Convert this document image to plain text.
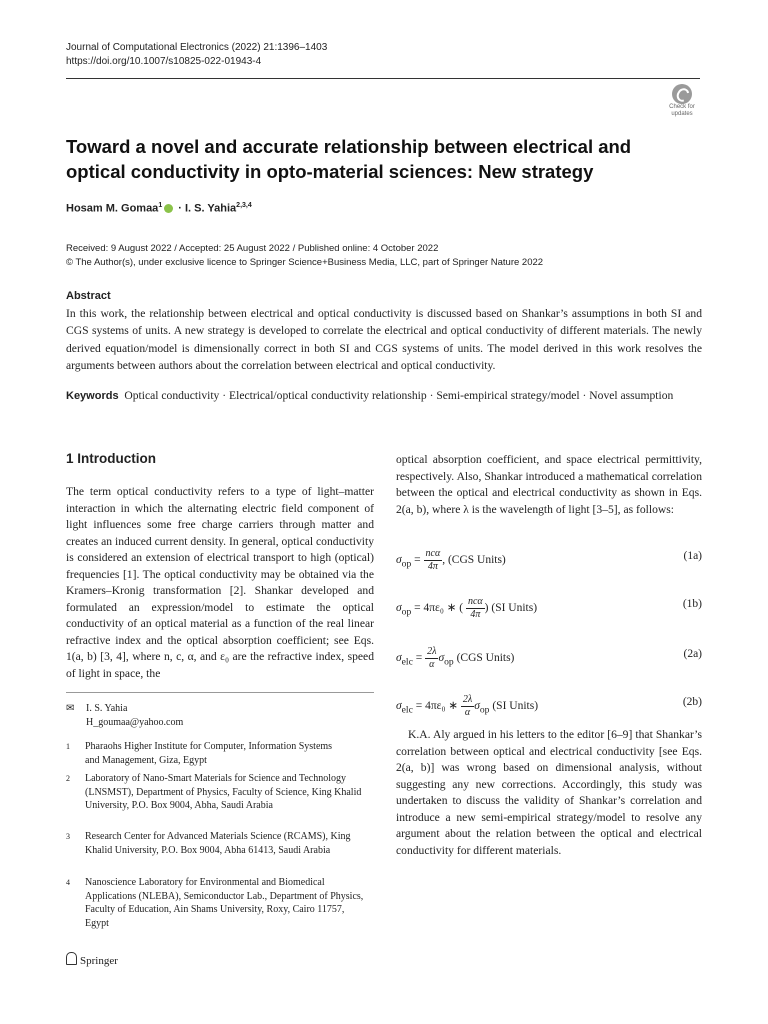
Journal of Computational Electronics (2022) 21:1396–1403
https://doi.org/10.1007/s10825-022-01943-4
Check for
updates
Toward a novel and accurate relationship between electrical and optical conductivity in opto-material sciences: New strategy
Hosam M. Gomaa$^1$ · I. S. Yahia$^{2,3,4}$
Received: 9 August 2022 / Accepted: 25 August 2022 / Published online: 4 October 2022
© The Author(s), under exclusive licence to Springer Science+Business Media, LLC, part of Springer Nature 2022
Abstract
In this work, the relationship between electrical and optical conductivity is discussed based on Shankar’s assumptions in both SI and CGS systems of units. A new strategy is developed to correlate the electrical and optical conductivity of different materials. The newly derived equation/model is dimensionally correct in both SI and CGS systems of units. The model derived in this work resolves the arguments between authors about the correlation between electrical and optical conductivity.
Keywords Optical conductivity · Electrical/optical conductivity relationship · Semi-empirical strategy/model · Novel assumption
1 Introduction
The term optical conductivity refers to a type of light–matter interaction in which the alternating electric field component of light influences some free charge carriers through matter and creates an induced current density. In general, optical conductivity is considered an extension of electrical transport to high (optical) frequencies [1]. The optical conductivity may be obtained via the Kramers–Kronig transformation [2]. Shankar developed and formulated an expression/model to estimate the optical conductivity of an optical material as a function of the real linear refractive index and the optical absorption coefficient; see Eqs. 1(a, b) [3, 4], where n, c, α, and ε₀ are the refractive index, speed of light in space, the
✉ I. S. Yahia
H_goumaa@yahoo.com
1	Pharaohs Higher Institute for Computer, Information Systems and Management, Giza, Egypt
2	Laboratory of Nano-Smart Materials for Science and Technology (LNSMST), Department of Physics, Faculty of Science, King Khalid University, P.O. Box 9004, Abha, Saudi Arabia
3	Research Center for Advanced Materials Science (RCAMS), King Khalid University, P.O. Box 9004, Abha 61413, Saudi Arabia
4	Nanoscience Laboratory for Environmental and Biomedical Applications (NLEBA), Semiconductor Lab., Department of Physics, Faculty of Education, Ain Shams University, Roxy, Cairo 11757, Egypt
optical absorption coefficient, and space electrical permittivity, respectively. Also, Shankar introduced a mathematical correlation between the optical and electrical conductivity as shown in Eqs. 2(a, b), where λ is the wavelength of light [3–5], as follows:
$\sigma_{op} = \frac{\text{ncα}}{4\pi}$ , (CGS Units)	(1a)
$\sigma_{op} = 4\pi\varepsilon_0$ ∗ ( $\frac{\text{ncα}}{4\pi}$ ) (SI Units)	(1b)
$\sigma_{elc} = \frac{2\lambda}{\alpha} \sigma_{op}$ (CGS Units)	(2a)
$\sigma_{elc} = 4\pi\varepsilon_0$ ∗ $\frac{2\lambda}{\alpha} \sigma_{op}$ (SI Units)	(2b)
K.A. Aly argued in his letters to the editor [6–9] that Shankar’s correlation between optical and electrical conductivity [see Eqs. 2(a, b)] was wrong based on dimensional analysis, without suggesting any new corrections. Accordingly, this study was undertaken to discuss the validity of Shankar’s correlation and introduce a new semi-empirical strategy/model to resolve any argument about the relation between the optical and electrical conductivity for different materials.
Springer
